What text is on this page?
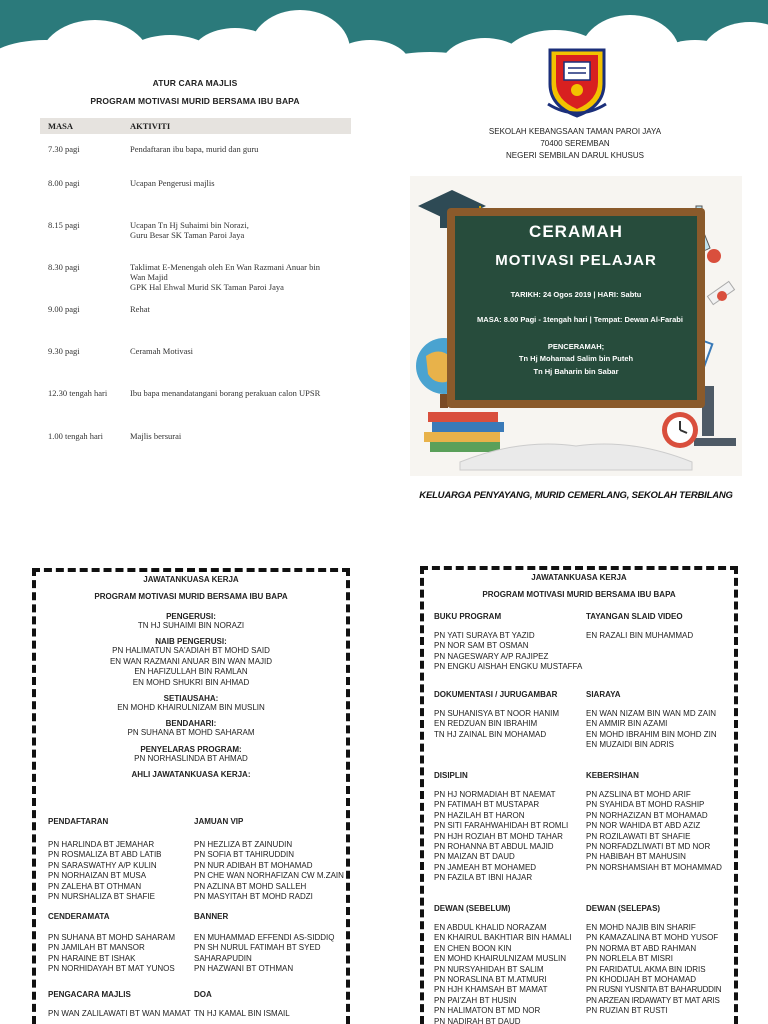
ATUR CARA MAJLIS
PROGRAM MOTIVASI MURID BERSAMA IBU BAPA
MASA	AKTIVITI
7.30 pagi	Pendaftaran ibu bapa, murid dan guru
8.00 pagi	Ucapan Pengerusi majlis
8.15 pagi	Ucapan Tn Hj Suhaimi bin Norazi,
Guru Besar SK Taman Paroi Jaya
8.30 pagi	Taklimat E-Menengah oleh En Wan Razmani Anuar bin
Wan Majid
GPK Hal Ehwal Murid SK Taman Paroi Jaya
9.00 pagi	Rehat
9.30 pagi	Ceramah Motivasi
12.30 tengah hari	Ibu bapa menandatangani borang perakuan calon UPSR
1.00 tengah hari	Majlis bersurai
SEKOLAH KEBANGSAAN TAMAN PAROI JAYA
70400 SEREMBAN
NEGERI SEMBILAN DARUL KHUSUS
CERAMAH
MOTIVASI PELAJAR
TARIKH: 24 Ogos 2019 | HARI: Sabtu
MASA: 8.00 Pagi - 1tengah hari | Tempat: Dewan Al-Farabi
PENCERAMAH;
Tn Hj Mohamad Salim bin Puteh
Tn Hj Baharin bin Sabar
KELUARGA PENYAYANG, MURID CEMERLANG, SEKOLAH TERBILANG
JAWATANKUASA KERJA
PROGRAM MOTIVASI MURID BERSAMA IBU BAPA
PENGERUSI:
TN HJ SUHAIMI BIN NORAZI
NAIB PENGERUSI:
PN HALIMATUN SA'ADIAH BT MOHD SAID
EN WAN RAZMANI ANUAR BIN WAN MAJID
EN HAFIZULLAH BIN RAMLAN
EN MOHD SHUKRI BIN AHMAD
SETIAUSAHA:
EN MOHD KHAIRULNIZAM BIN MUSLIN
BENDAHARI:
PN SUHANA BT MOHD SAHARAM
PENYELARAS PROGRAM:
PN NORHASLINDA BT AHMAD
AHLI JAWATANKUASA KERJA:
PENDAFTARAN
PN HARLINDA BT JEMAHAR
PN ROSMALIZA BT ABD LATIB
PN SARASWATHY A/P KULIN
PN NORHAIZAN BT MUSA
PN ZALEHA BT OTHMAN
PN NURSHALIZA BT SHAFIE
JAMUAN VIP
PN HEZLIZA BT ZAINUDIN
PN SOFIA BT TAHIRUDDIN
PN NUR ADIBAH BT MOHAMAD
PN CHE WAN NORHAFIZAN CW M.ZAIN
PN AZLINA BT MOHD SALLEH
PN MASYITAH BT MOHD RADZI
CENDERAMATA
PN SUHANA BT MOHD SAHARAM
PN JAMILAH BT MANSOR
PN HARAINE BT ISHAK
PN NORHIDAYAH BT MAT YUNOS
BANNER
EN MUHAMMAD EFFENDI AS-SIDDIQ
PN SH NURUL FATIMAH BT SYED
SAHARAPUDIN
PN HAZWANI BT OTHMAN
PENGACARA MAJLIS
PN WAN ZALILAWATI BT WAN MAMAT
DOA
TN HJ KAMAL BIN ISMAIL
JAWATANKUASA KERJA
PROGRAM MOTIVASI MURID BERSAMA IBU BAPA
BUKU PROGRAM
PN YATI SURAYA BT YAZID
PN NOR SAM BT OSMAN
PN NAGESWARY A/P RAJIPEZ
PN ENGKU AISHAH ENGKU MUSTAFFA
TAYANGAN SLAID VIDEO
EN RAZALI BIN MUHAMMAD
DOKUMENTASI / JURUGAMBAR
PN SUHANISYA BT NOOR HANIM
EN REDZUAN BIN IBRAHIM
TN HJ ZAINAL BIN MOHAMAD
SIARAYA
EN WAN NIZAM BIN WAN MD ZAIN
EN AMMIR BIN AZAMI
EN MOHD IBRAHIM BIN MOHD ZIN
EN MUZAIDI BIN ADRIS
DISIPLIN
PN HJ NORMADIAH BT NAEMAT
PN FATIMAH BT MUSTAPAR
PN HAZILAH BT HARON
PN SITI FARAHWAHIDAH BT ROMLI
PN HJH ROZIAH BT MOHD TAHAR
PN ROHANNA BT ABDUL MAJID
PN MAIZAN BT DAUD
PN JAMEAH BT MOHAMED
PN FAZILA BT IBNI HAJAR
KEBERSIHAN
PN AZSLINA BT MOHD ARIF
PN SYAHIDA BT MOHD RASHIP
PN NORHAZIZAN BT MOHAMAD
PN NOR WAHIDA BT ABD AZIZ
PN ROZILAWATI BT SHAFIE
PN NORFADZLIWATI BT MD NOR
PN HABIBAH BT MAHUSIN
PN NORSHAMSIAH BT MOHAMMAD
DEWAN (SEBELUM)
EN ABDUL KHALID NORAZAM
EN KHAIRUL BAKHTIAR BIN HAMALI
EN CHEN BOON KIN
EN MOHD KHAIRULNIZAM MUSLIN
PN NURSYAHIDAH BT SALIM
PN NORASLINA BT M.ATMURI
PN HJH KHAMSAH BT MAMAT
PN PAI'ZAH BT HUSIN
PN HALIMATON BT MD NOR
PN NADIRAH BT DAUD
DEWAN (SELEPAS)
EN MOHD NAJIB BIN SHARIF
PN KAMAZALINA BT MOHD YUSOF
PN NORMA BT ABD RAHMAN
PN NORLELA BT MISRI
PN FARIDATUL AKMA BIN IDRIS
PN KHODIJAH BT MOHAMAD
PN RUSNI YUSNITA BT BAHARUDDIN
PN ARZEAN IRDAWATY BT MAT ARIS
PN RUZIAN BT RUSTI
